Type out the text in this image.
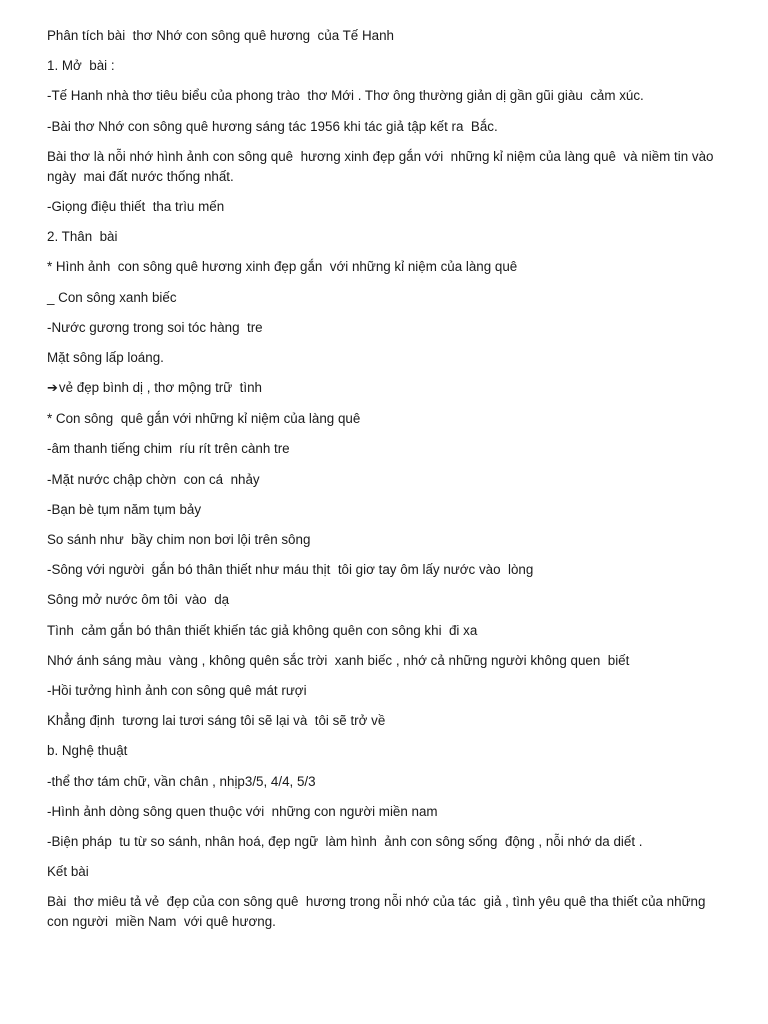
Phân tích bài  thơ Nhớ con sông quê hương  của Tế Hanh

1. Mở  bài :

-Tế Hanh nhà thơ tiêu biểu của phong trào  thơ Mới . Thơ ông thường giản dị gần gũi giàu  cảm xúc.

-Bài thơ Nhớ con sông quê hương sáng tác 1956 khi tác giả tập kết ra  Bắc.

Bài thơ là nỗi nhớ hình ảnh con sông quê  hương xinh đẹp gắn với  những kỉ niệm của làng quê  và niềm tin vào  ngày  mai đất nước thống nhất.

-Giọng điệu thiết  tha trìu mến

2. Thân  bài

* Hình ảnh  con sông quê hương xinh đẹp gắn  với những kỉ niệm của làng quê

_ Con sông xanh biếc

-Nước gương trong soi tóc hàng  tre

Mặt sông lấp loáng.

➔vẻ đẹp bình dị , thơ mộng trữ  tình

* Con sông  quê gắn với những kỉ niệm của làng quê

-âm thanh tiếng chim  ríu rít trên cành tre

-Mặt nước chập chờn  con cá  nhảy

-Bạn bè tụm năm tụm bảy

So sánh như  bầy chim non bơi lội trên sông

-Sông với người  gắn bó thân thiết như máu thịt  tôi giơ tay ôm lấy nước vào  lòng

Sông mở nước ôm tôi  vào  dạ

Tình  cảm gắn bó thân thiết khiến tác giả không quên con sông khi  đi xa

Nhớ ánh sáng màu  vàng , không quên sắc trời  xanh biếc , nhớ cả những người không quen  biết

-Hồi tưởng hình ảnh con sông quê mát rượi

Khẳng định  tương lai tươi sáng tôi sẽ lại và  tôi sẽ trở về

b. Nghệ thuật

-thể thơ tám chữ, vần chân , nhịp3/5, 4/4, 5/3

-Hình ảnh dòng sông quen thuộc với  những con người miền nam

-Biện pháp  tu từ so sánh, nhân hoá, đẹp ngữ  làm hình  ảnh con sông sống  động , nỗi nhớ da diết .

Kết bài

Bài  thơ miêu tả vẻ  đẹp của con sông quê  hương trong nỗi nhớ của tác  giả , tình yêu quê tha thiết của những con người  miền Nam  với quê hương.
